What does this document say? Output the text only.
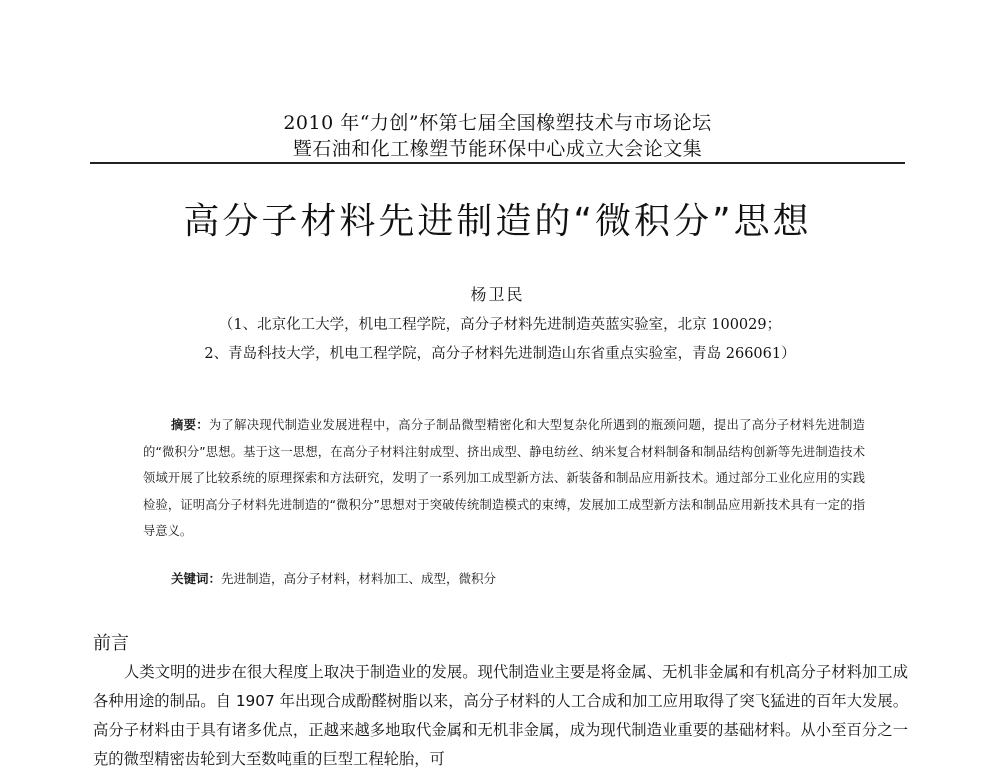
2010 年“力创”杯第七届全国橡塑技术与市场论坛
暨石油和化工橡塑节能环保中心成立大会论文集
高分子材料先进制造的“微积分”思想
杨卫民
（1、北京化工大学，机电工程学院，高分子材料先进制造英蓝实验室，北京 100029；
2、青岛科技大学，机电工程学院，高分子材料先进制造山东省重点实验室，青岛 266061）
摘要：为了解决现代制造业发展进程中，高分子制品微型精密化和大型复杂化所遇到的瓶颈问题，提出了高分子材料先进制造的“微积分”思想。基于这一思想，在高分子材料注射成型、挤出成型、静电纺丝、纳米复合材料制备和制品结构创新等先进制造技术领域开展了比较系统的原理探索和方法研究，发明了一系列加工成型新方法、新装备和制品应用新技术。通过部分工业化应用的实践检验，证明高分子材料先进制造的“微积分”思想对于突破传统制造模式的束缚，发展加工成型新方法和制品应用新技术具有一定的指导意义。
关键词：先进制造，高分子材料，材料加工、成型，微积分
前言
人类文明的进步在很大程度上取决于制造业的发展。现代制造业主要是将金属、无机非金属和有机高分子材料加工成各种用途的制品。自 1907 年出现合成酚醛树脂以来，高分子材料的人工合成和加工应用取得了突飞猛进的百年大发展。高分子材料由于具有诸多优点，正越来越多地取代金属和无机非金属，成为现代制造业重要的基础材料。从小至百分之一克的微型精密齿轮到大至数吨重的巨型工程轮胎，可
